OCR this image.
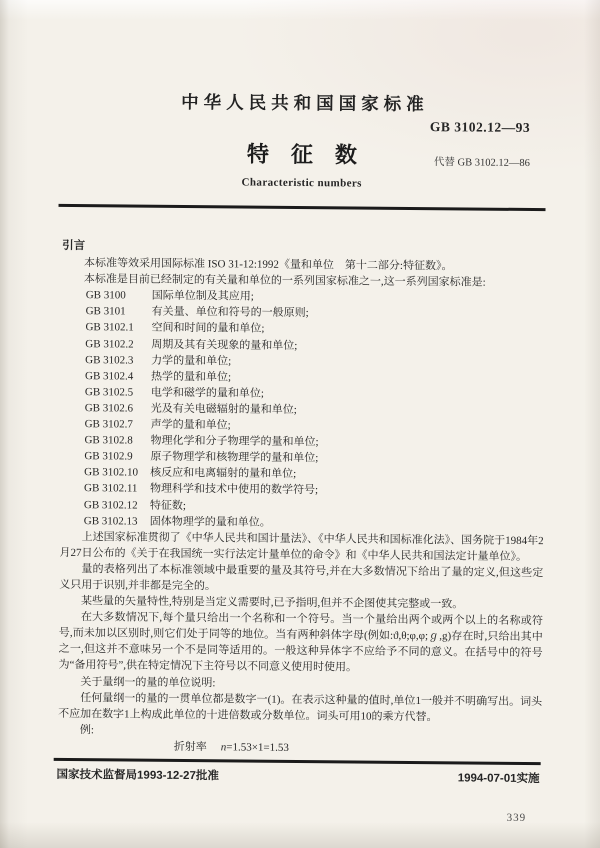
中华人民共和国国家标准
GB 3102.12—93
特　征　数	代替 GB 3102.12—86
Characteristic numbers
引言

本标准等效采用国际标准 ISO 31-12:1992《量和单位　第十二部分:特征数》。

本标准是目前已经制定的有关量和单位的一系列国家标准之一,这一系列国家标准是:

GB 3100 国际单位制及其应用;
GB 3101 有关量、单位和符号的一般原则;
GB 3102.1 空间和时间的量和单位;
GB 3102.2 周期及其有关现象的量和单位;
GB 3102.3 力学的量和单位;
GB 3102.4 热学的量和单位;
GB 3102.5 电学和磁学的量和单位;
GB 3102.6 光及有关电磁辐射的量和单位;
GB 3102.7 声学的量和单位;
GB 3102.8 物理化学和分子物理学的量和单位;
GB 3102.9 原子物理学和核物理学的量和单位;
GB 3102.10 核反应和电离辐射的量和单位;
GB 3102.11 物理科学和技术中使用的数学符号;
GB 3102.12 特征数;
GB 3102.13 固体物理学的量和单位。

上述国家标准贯彻了《中华人民共和国计量法》、《中华人民共和国标准化法》、国务院于1984年2月27日公布的《关于在我国统一实行法定计量单位的命令》和《中华人民共和国法定计量单位》。

量的表格列出了本标准领域中最重要的量及其符号,并在大多数情况下给出了量的定义,但这些定义只用于识别,并非都是完全的。

某些量的矢量特性,特别是当定义需要时,已予指明,但并不企图使其完整或一致。

在大多数情况下,每个量只给出一个名称和一个符号。当一个量给出两个或两个以上的名称或符号,而未加以区别时,则它们处于同等的地位。当有两种斜体字母(例如:ϑ,θ;φ,φ;ℊ,g)存在时,只给出其中之一,但这并不意味另一个不是同等适用的。一般这种异体字不应给予不同的意义。在括号中的符号为“备用符号”,供在特定情况下主符号以不同意义使用时使用。

关于量纲一的量的单位说明:

任何量纲一的量的一贯单位都是数字一(1)。在表示这种量的值时,单位1一般并不明确写出。词头不应加在数字1上构成此单位的十进倍数或分数单位。词头可用10的乘方代替。

例:
折射率 n=1.53×1=1.53
国家技术监督局1993-12-27批准	1994-07-01实施
339
